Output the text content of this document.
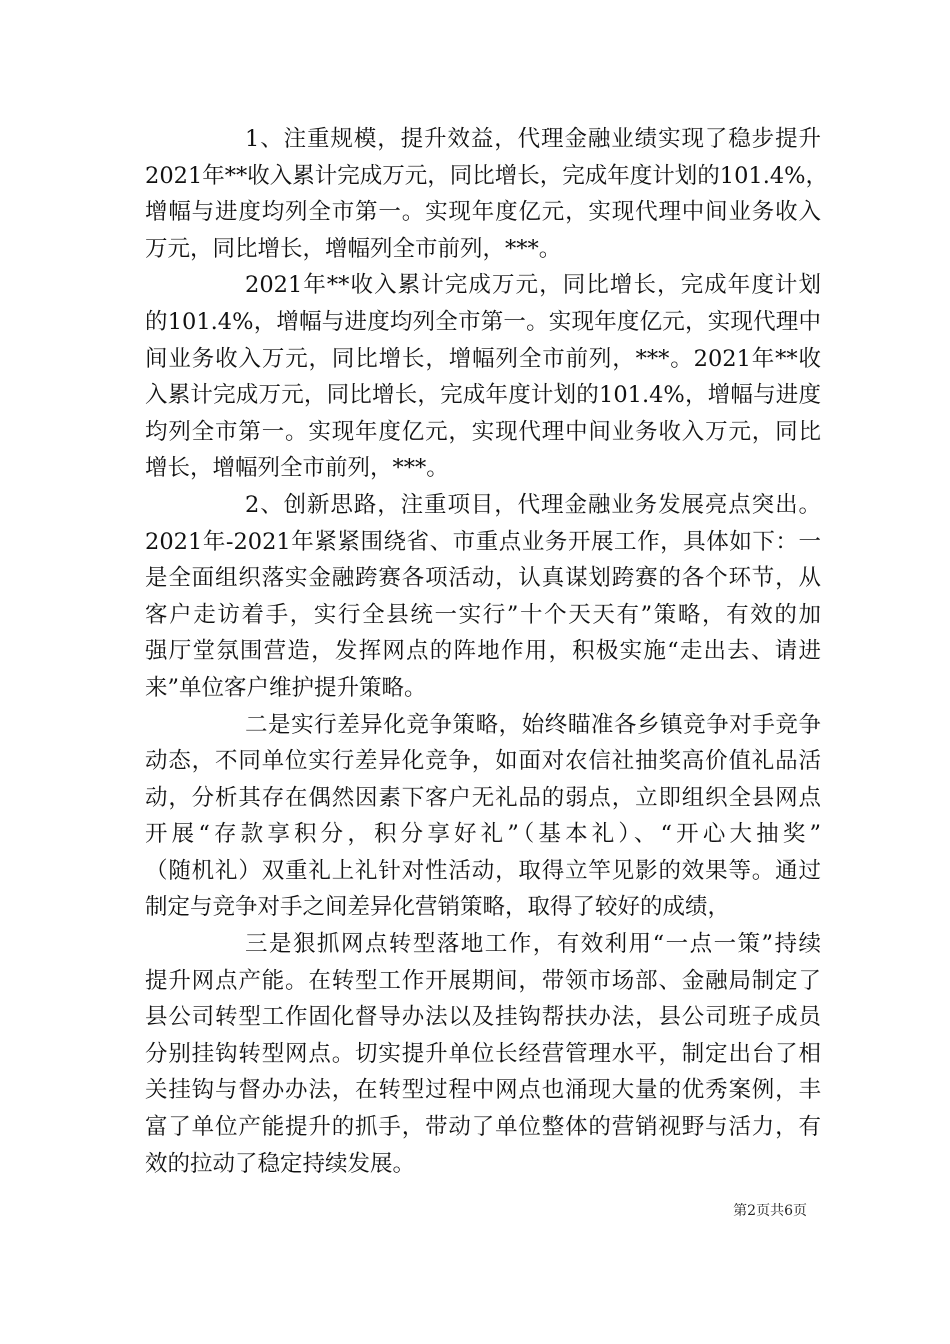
1、注重规模，提升效益，代理金融业绩实现了稳步提升
2021年**收入累计完成万元，同比增长，完成年度计划的101.4%，
增幅与进度均列全市第一。实现年度亿元，实现代理中间业务收入
万元，同比增长，增幅列全市前列，***。
2021年**收入累计完成万元，同比增长，完成年度计划
的101.4%，增幅与进度均列全市第一。实现年度亿元，实现代理中
间业务收入万元，同比增长，增幅列全市前列，***。2021年**收
入累计完成万元，同比增长，完成年度计划的101.4%，增幅与进度
均列全市第一。实现年度亿元，实现代理中间业务收入万元，同比
增长，增幅列全市前列，***。
2、创新思路，注重项目，代理金融业务发展亮点突出。
2021年-2021年紧紧围绕省、市重点业务开展工作，具体如下：一
是全面组织落实金融跨赛各项活动，认真谋划跨赛的各个环节，从
客户走访着手，实行全县统一实行”十个天天有”策略，有效的加
强厅堂氛围营造，发挥网点的阵地作用，积极实施“走出去、请进
来”单位客户维护提升策略。
二是实行差异化竞争策略，始终瞄准各乡镇竞争对手竞争
动态，不同单位实行差异化竞争，如面对农信社抽奖高价值礼品活
动，分析其存在偶然因素下客户无礼品的弱点，立即组织全县网点
开展“存款享积分，积分享好礼”（基本礼）、“开心大抽奖”
（随机礼）双重礼上礼针对性活动，取得立竿见影的效果等。通过
制定与竞争对手之间差异化营销策略，取得了较好的成绩，
三是狠抓网点转型落地工作，有效利用“一点一策”持续
提升网点产能。在转型工作开展期间，带领市场部、金融局制定了
县公司转型工作固化督导办法以及挂钩帮扶办法，县公司班子成员
分别挂钩转型网点。切实提升单位长经营管理水平，制定出台了相
关挂钩与督办办法，在转型过程中网点也涌现大量的优秀案例，丰
富了单位产能提升的抓手，带动了单位整体的营销视野与活力，有
效的拉动了稳定持续发展。
第2页共6页
